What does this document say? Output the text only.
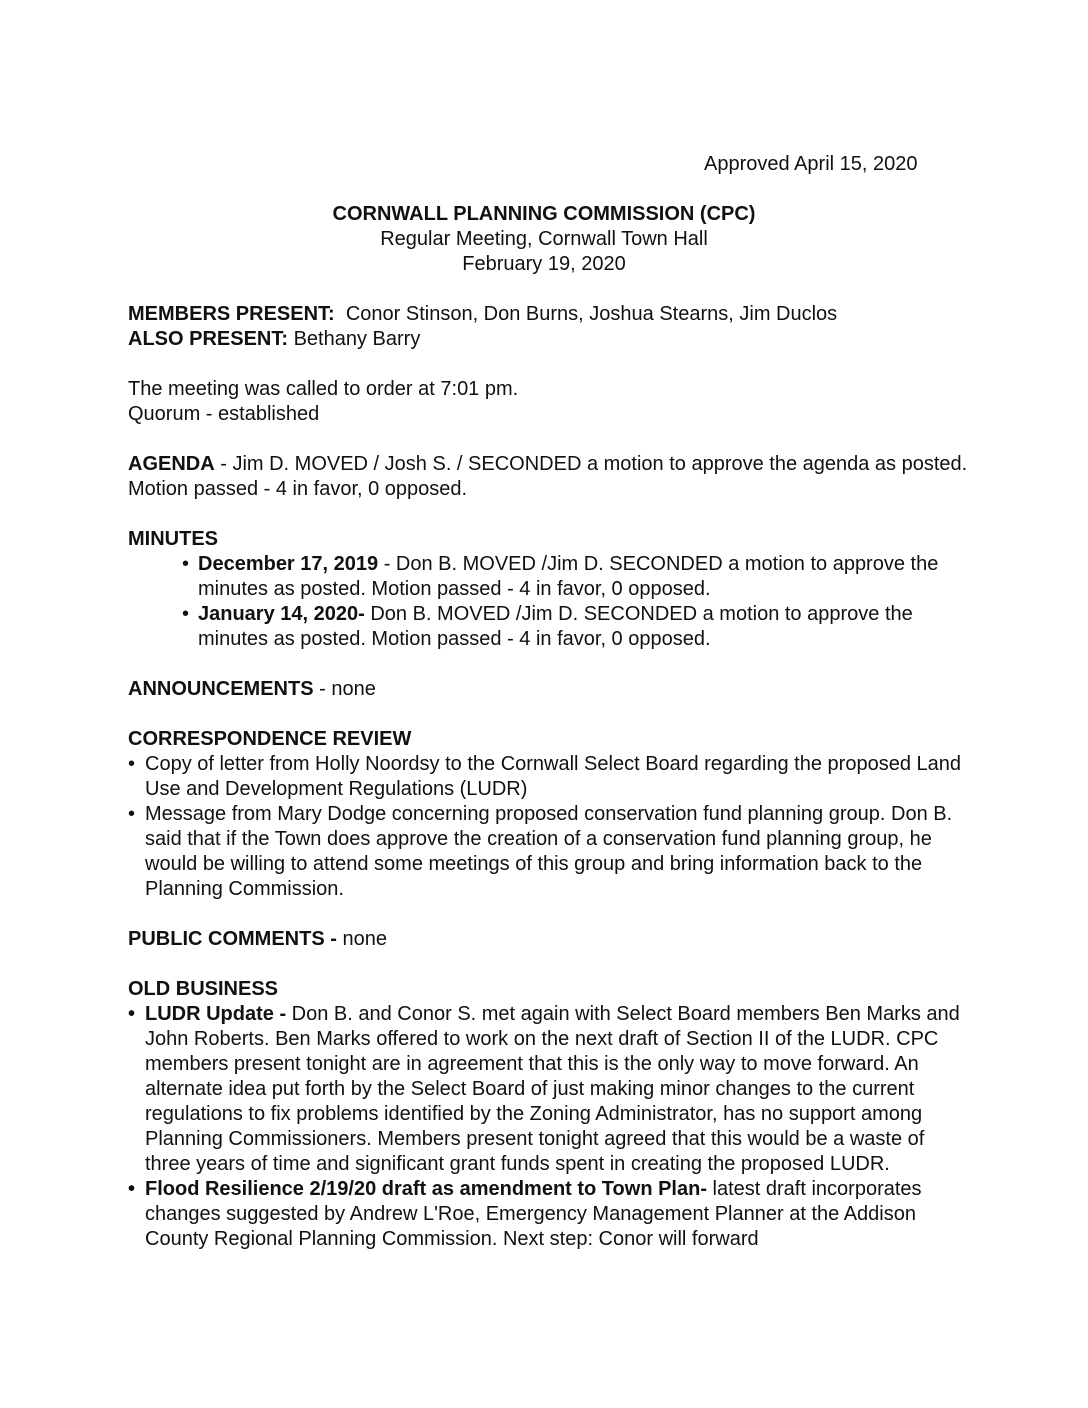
Approved April 15, 2020
CORNWALL PLANNING COMMISSION (CPC)
Regular Meeting, Cornwall Town Hall
February 19, 2020

MEMBERS PRESENT: Conor Stinson, Don Burns, Joshua Stearns, Jim Duclos

ALSO PRESENT: Bethany Barry

The meeting was called to order at 7:01 pm.

Quorum - established

AGENDA - Jim D. MOVED / Josh S. / SECONDED a motion to approve the agenda as posted. Motion passed - 4 in favor, 0 opposed.

MINUTES

• December 17, 2019 - Don B. MOVED /Jim D. SECONDED a motion to approve the minutes as posted. Motion passed - 4 in favor, 0 opposed.
• January 14, 2020- Don B. MOVED /Jim D. SECONDED a motion to approve the minutes as posted. Motion passed - 4 in favor, 0 opposed.

ANNOUNCEMENTS - none

CORRESPONDENCE REVIEW

• Copy of letter from Holly Noordsy to the Cornwall Select Board regarding the proposed Land Use and Development Regulations (LUDR)
• Message from Mary Dodge concerning proposed conservation fund planning group. Don B. said that if the Town does approve the creation of a conservation fund planning group, he would be willing to attend some meetings of this group and bring information back to the Planning Commission.

PUBLIC COMMENTS - none

OLD BUSINESS

• LUDR Update - Don B. and Conor S. met again with Select Board members Ben Marks and John Roberts. Ben Marks offered to work on the next draft of Section II of the LUDR. CPC members present tonight are in agreement that this is the only way to move forward. An alternate idea put forth by the Select Board of just making minor changes to the current regulations to fix problems identified by the Zoning Administrator, has no support among Planning Commissioners. Members present tonight agreed that this would be a waste of three years of time and significant grant funds spent in creating the proposed LUDR.
• Flood Resilience 2/19/20 draft as amendment to Town Plan- latest draft incorporates changes suggested by Andrew L'Roe, Emergency Management Planner at the Addison County Regional Planning Commission. Next step: Conor will forward
